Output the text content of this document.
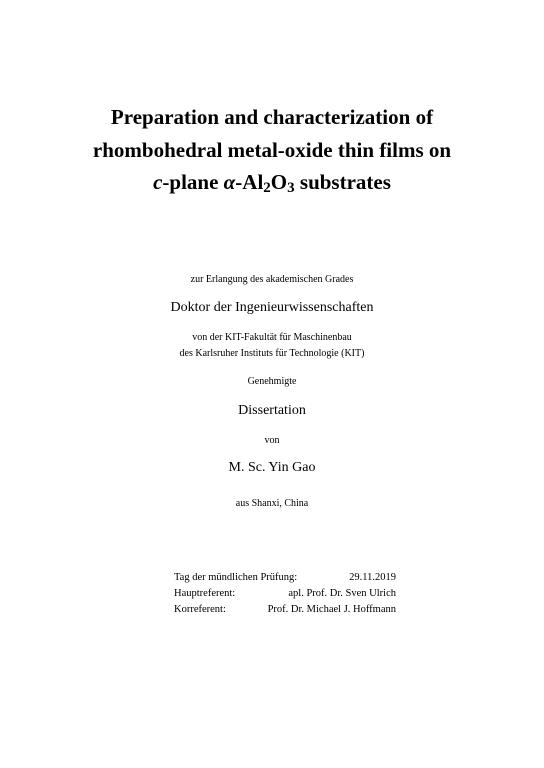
Preparation and characterization of
rhombohedral metal-oxide thin films on
c-plane $\alpha-Al_2O_3$ substrates
zur Erlangung des akademischen Grades
Doktor der Ingenieurwissenschaften
von der KIT-Fakultät für Maschinenbau
des Karlsruher Instituts für Technologie (KIT)
Genehmigte
Dissertation
von
M. Sc. Yin Gao
aus Shanxi, China
Tag der mündlichen Prüfung:	29.11.2019
Hauptreferent:	apl. Prof. Dr. Sven Ulrich
Korreferent:	Prof. Dr. Michael J. Hoffmann
